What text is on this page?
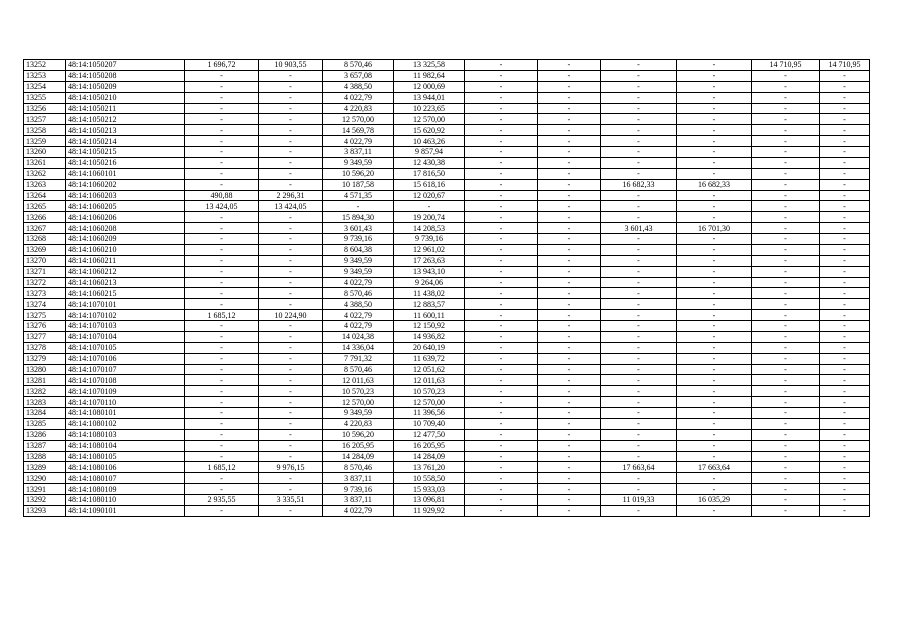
13252	48:14:1050207	1 696,72	10 903,55	8 570,46	13 325,58	-	-	-	-	14 710,95	14 710,95
13253	48:14:1050208	-	-	3 657,08	11 982,64	-	-	-	-	-	-
13254	48:14:1050209	-	-	4 388,50	12 000,69	-	-	-	-	-	-
13255	48:14:1050210	-	-	4 022,79	13 944,01	-	-	-	-	-	-
13256	48:14:1050211	-	-	4 220,83	10 223,65	-	-	-	-	-	-
13257	48:14:1050212	-	-	12 570,00	12 570,00	-	-	-	-	-	-
13258	48:14:1050213	-	-	14 569,78	15 620,92	-	-	-	-	-	-
13259	48:14:1050214	-	-	4 022,79	10 463,26	-	-	-	-	-	-
13260	48:14:1050215	-	-	3 837,11	9 857,94	-	-	-	-	-	-
13261	48:14:1050216	-	-	9 349,59	12 430,38	-	-	-	-	-	-
13262	48:14:1060101	-	-	10 596,20	17 816,50	-	-	-	-	-	-
13263	48:14:1060202	-	-	10 187,58	15 618,16	-	-	16 682,33	16 682,33	-	-
13264	48:14:1060203	490,88	2 296,31	4 571,35	12 020,67	-	-	-	-	-	-
13265	48:14:1060205	13 424,05	13 424,05	-	-	-	-	-	-	-	-
13266	48:14:1060206	-	-	15 894,30	19 200,74	-	-	-	-	-	-
13267	48:14:1060208	-	-	3 601,43	14 208,53	-	-	3 601,43	16 701,30	-	-
13268	48:14:1060209	-	-	9 739,16	9 739,16	-	-	-	-	-	-
13269	48:14:1060210	-	-	8 604,38	12 961,02	-	-	-	-	-	-
13270	48:14:1060211	-	-	9 349,59	17 263,63	-	-	-	-	-	-
13271	48:14:1060212	-	-	9 349,59	13 943,10	-	-	-	-	-	-
13272	48:14:1060213	-	-	4 022,79	9 264,06	-	-	-	-	-	-
13273	48:14:1060215	-	-	8 570,46	11 438,02	-	-	-	-	-	-
13274	48:14:1070101	-	-	4 388,50	12 883,57	-	-	-	-	-	-
13275	48:14:1070102	1 685,12	10 224,90	4 022,79	11 600,11	-	-	-	-	-	-
13276	48:14:1070103	-	-	4 022,79	12 150,92	-	-	-	-	-	-
13277	48:14:1070104	-	-	14 024,38	14 936,82	-	-	-	-	-	-
13278	48:14:1070105	-	-	14 336,04	20 640,19	-	-	-	-	-	-
13279	48:14:1070106	-	-	7 791,32	11 639,72	-	-	-	-	-	-
13280	48:14:1070107	-	-	8 570,46	12 051,62	-	-	-	-	-	-
13281	48:14:1070108	-	-	12 011,63	12 011,63	-	-	-	-	-	-
13282	48:14:1070109	-	-	10 570,23	10 570,23	-	-	-	-	-	-
13283	48:14:1070110	-	-	12 570,00	12 570,00	-	-	-	-	-	-
13284	48:14:1080101	-	-	9 349,59	11 396,56	-	-	-	-	-	-
13285	48:14:1080102	-	-	4 220,83	10 709,40	-	-	-	-	-	-
13286	48:14:1080103	-	-	10 596,20	12 477,50	-	-	-	-	-	-
13287	48:14:1080104	-	-	16 205,95	16 205,95	-	-	-	-	-	-
13288	48:14:1080105	-	-	14 284,09	14 284,09	-	-	-	-	-	-
13289	48:14:1080106	1 685,12	9 976,15	8 570,46	13 761,20	-	-	17 663,64	17 663,64	-	-
13290	48:14:1080107	-	-	3 837,11	10 558,50	-	-	-	-	-	-
13291	48:14:1080109	-	-	9 739,16	15 933,03	-	-	-	-	-	-
13292	48:14:1080110	2 935,55	3 335,51	3 837,11	13 096,81	-	-	11 019,33	16 035,29	-	-
13293	48:14:1090101	-	-	4 022,79	11 929,92	-	-	-	-	-	-
